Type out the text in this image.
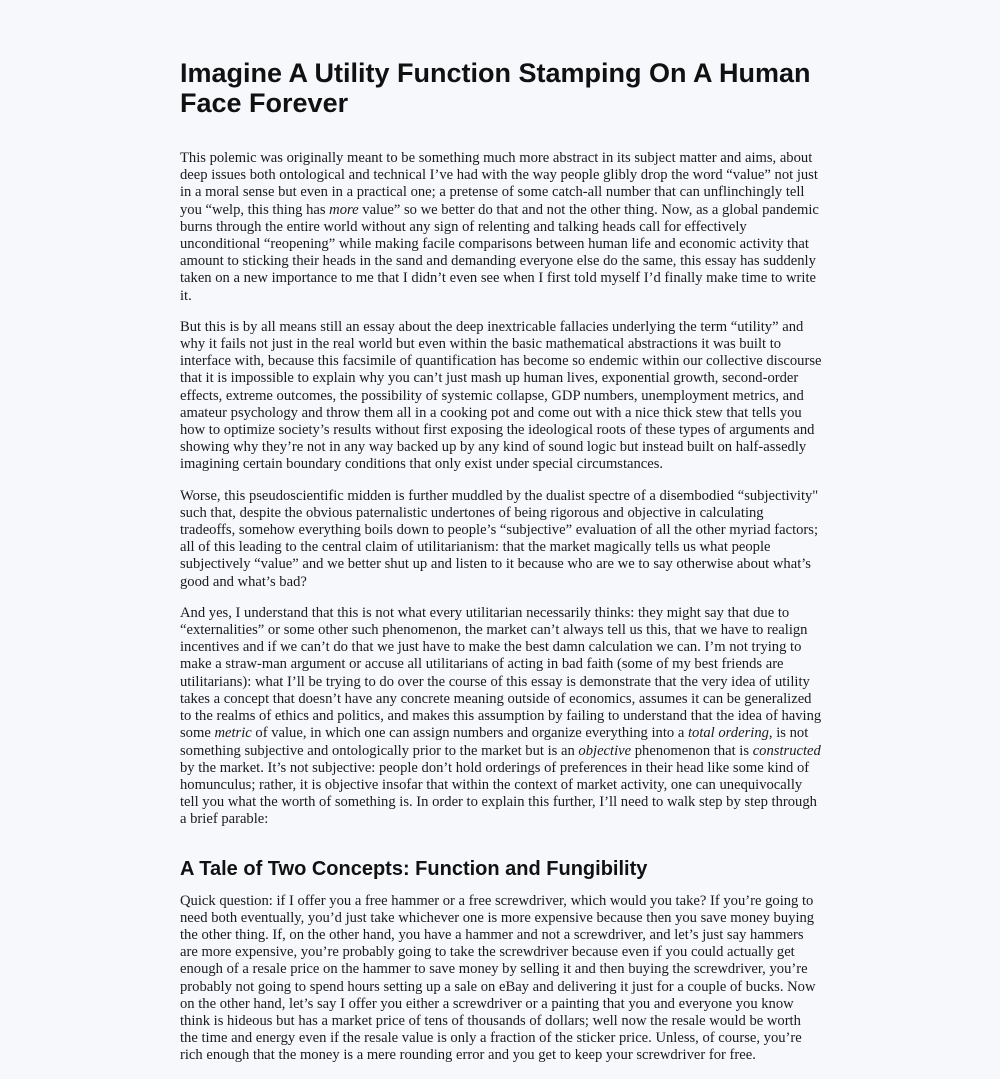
Imagine A Utility Function Stamping On A Human Face Forever

This polemic was originally meant to be something much more abstract in its subject matter and aims, about deep issues both ontological and technical I’ve had with the way people glibly drop the word “value” not just in a moral sense but even in a practical one; a pretense of some catch-all number that can unflinchingly tell you “welp, this thing has more value” so we better do that and not the other thing. Now, as a global pandemic burns through the entire world without any sign of relenting and talking heads call for effectively unconditional “reopening” while making facile comparisons between human life and economic activity that amount to sticking their heads in the sand and demanding everyone else do the same, this essay has suddenly taken on a new importance to me that I didn’t even see when I first told myself I’d finally make time to write it.

But this is by all means still an essay about the deep inextricable fallacies underlying the term “utility” and why it fails not just in the real world but even within the basic mathematical abstractions it was built to interface with, because this facsimile of quantification has become so endemic within our collective discourse that it is impossible to explain why you can’t just mash up human lives, exponential growth, second-order effects, extreme outcomes, the possibility of systemic collapse, GDP numbers, unemployment metrics, and amateur psychology and throw them all in a cooking pot and come out with a nice thick stew that tells you how to optimize society’s results without first exposing the ideological roots of these types of arguments and showing why they’re not in any way backed up by any kind of sound logic but instead built on half-assedly imagining certain boundary conditions that only exist under special circumstances.

Worse, this pseudoscientific midden is further muddled by the dualist spectre of a disembodied “subjectivity" such that, despite the obvious paternalistic undertones of being rigorous and objective in calculating tradeoffs, somehow everything boils down to people’s “subjective” evaluation of all the other myriad factors; all of this leading to the central claim of utilitarianism: that the market magically tells us what people subjectively “value” and we better shut up and listen to it because who are we to say otherwise about what’s good and what’s bad?

And yes, I understand that this is not what every utilitarian necessarily thinks: they might say that due to “externalities” or some other such phenomenon, the market can’t always tell us this, that we have to realign incentives and if we can’t do that we just have to make the best damn calculation we can. I’m not trying to make a straw-man argument or accuse all utilitarians of acting in bad faith (some of my best friends are utilitarians): what I’ll be trying to do over the course of this essay is demonstrate that the very idea of utility takes a concept that doesn’t have any concrete meaning outside of economics, assumes it can be generalized to the realms of ethics and politics, and makes this assumption by failing to understand that the idea of having some metric of value, in which one can assign numbers and organize everything into a total ordering, is not something subjective and ontologically prior to the market but is an objective phenomenon that is constructed by the market. It’s not subjective: people don’t hold orderings of preferences in their head like some kind of homunculus; rather, it is objective insofar that within the context of market activity, one can unequivocally tell you what the worth of something is. In order to explain this further, I’ll need to walk step by step through a brief parable:

A Tale of Two Concepts: Function and Fungibility

Quick question: if I offer you a free hammer or a free screwdriver, which would you take? If you’re going to need both eventually, you’d just take whichever one is more expensive because then you save money buying the other thing. If, on the other hand, you have a hammer and not a screwdriver, and let’s just say hammers are more expensive, you’re probably going to take the screwdriver because even if you could actually get enough of a resale price on the hammer to save money by selling it and then buying the screwdriver, you’re probably not going to spend hours setting up a sale on eBay and delivering it just for a couple of bucks. Now on the other hand, let’s say I offer you either a screwdriver or a painting that you and everyone you know think is hideous but has a market price of tens of thousands of dollars; well now the resale would be worth the time and energy even if the resale value is only a fraction of the sticker price. Unless, of course, you’re rich enough that the money is a mere rounding error and you get to keep your screwdriver for free.
